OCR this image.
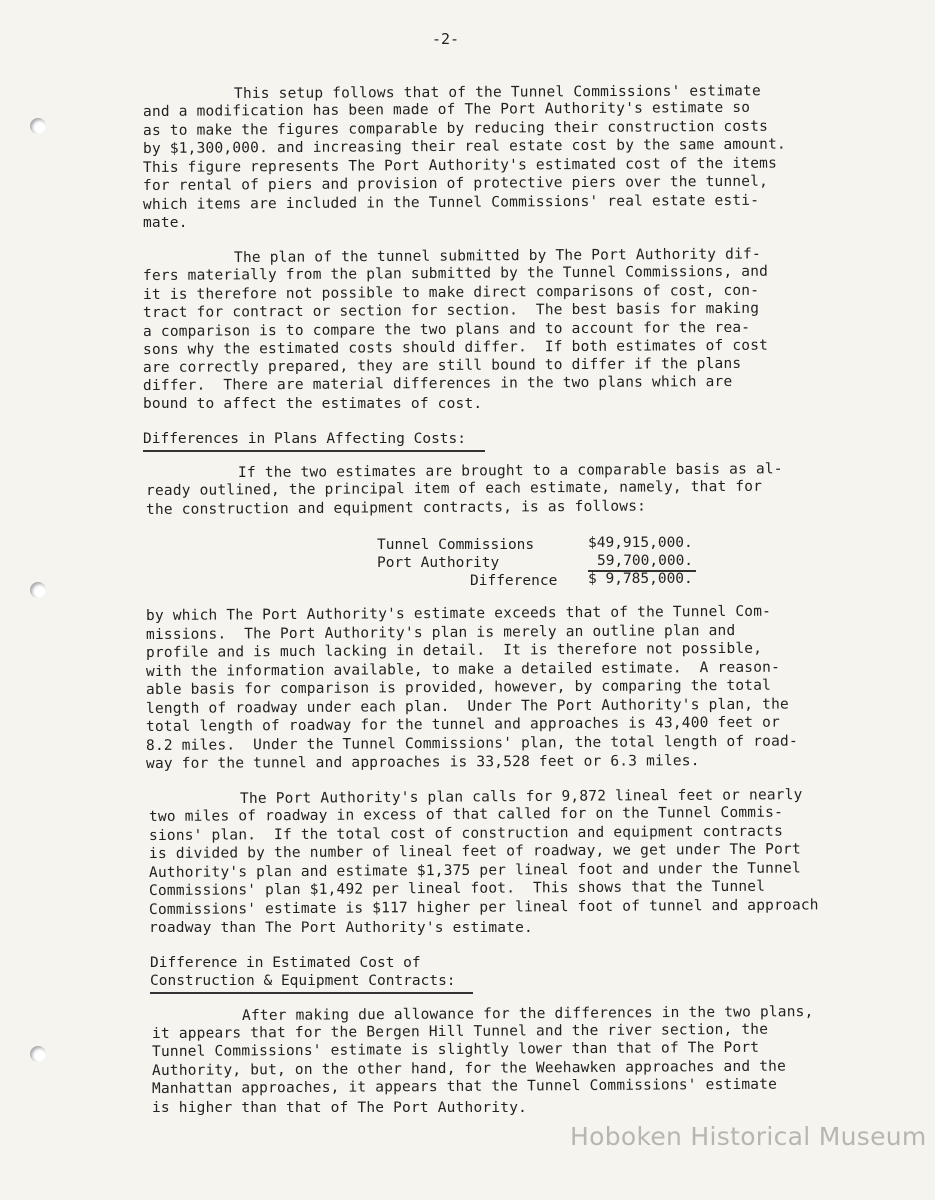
-2-
This setup follows that of the Tunnel Commissions' estimate
and a modification has been made of The Port Authority's estimate so
as to make the figures comparable by reducing their construction costs
by $1,300,000. and increasing their real estate cost by the same amount.
This figure represents The Port Authority's estimated cost of the items
for rental of piers and provision of protective piers over the tunnel,
which items are included in the Tunnel Commissions' real estate esti-
mate.
The plan of the tunnel submitted by The Port Authority dif-
fers materially from the plan submitted by the Tunnel Commissions, and
it is therefore not possible to make direct comparisons of cost, con-
tract for contract or section for section.  The best basis for making
a comparison is to compare the two plans and to account for the rea-
sons why the estimated costs should differ.  If both estimates of cost
are correctly prepared, they are still bound to differ if the plans
differ.  There are material differences in the two plans which are
bound to affect the estimates of cost.
Differences in Plans Affecting Costs:
If the two estimates are brought to a comparable basis as al-
ready outlined, the principal item of each estimate, namely, that for
the construction and equipment contracts, is as follows:
Tunnel Commissions	$49,915,000.
Port Authority	59,700,000.
Difference $ 9,785,000.
by which The Port Authority's estimate exceeds that of the Tunnel Com-
missions.  The Port Authority's plan is merely an outline plan and
profile and is much lacking in detail.  It is therefore not possible,
with the information available, to make a detailed estimate.  A reason-
able basis for comparison is provided, however, by comparing the total
length of roadway under each plan.  Under The Port Authority's plan, the
total length of roadway for the tunnel and approaches is 43,400 feet or
8.2 miles.  Under the Tunnel Commissions' plan, the total length of road-
way for the tunnel and approaches is 33,528 feet or 6.3 miles.
The Port Authority's plan calls for 9,872 lineal feet or nearly
two miles of roadway in excess of that called for on the Tunnel Commis-
sions' plan.  If the total cost of construction and equipment contracts
is divided by the number of lineal feet of roadway, we get under The Port
Authority's plan and estimate $1,375 per lineal foot and under the Tunnel
Commissions' plan $1,492 per lineal foot.  This shows that the Tunnel
Commissions' estimate is $117 higher per lineal foot of tunnel and approach
roadway than The Port Authority's estimate.
Difference in Estimated Cost of
Construction & Equipment Contracts:
After making due allowance for the differences in the two plans,
it appears that for the Bergen Hill Tunnel and the river section, the
Tunnel Commissions' estimate is slightly lower than that of The Port
Authority, but, on the other hand, for the Weehawken approaches and the
Manhattan approaches, it appears that the Tunnel Commissions' estimate
is higher than that of The Port Authority.
Hoboken Historical Museum
